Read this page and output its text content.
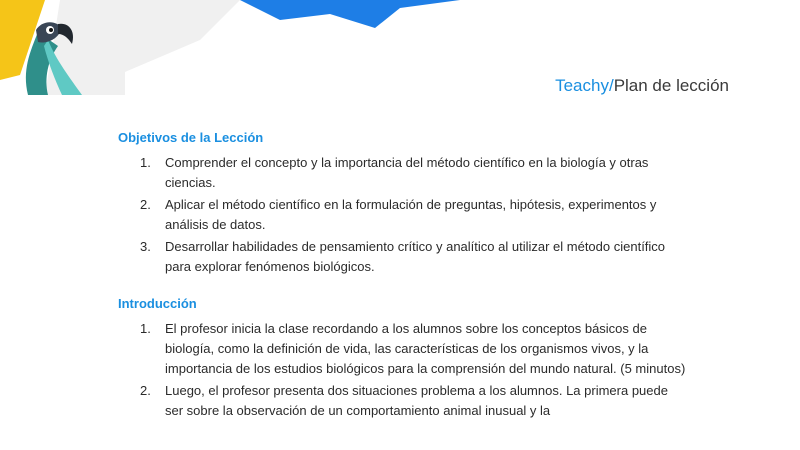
Teachy/Plan de lección
Objetivos de la Lección
1. Comprender el concepto y la importancia del método científico en la biología y otras ciencias.
2. Aplicar el método científico en la formulación de preguntas, hipótesis, experimentos y análisis de datos.
3. Desarrollar habilidades de pensamiento crítico y analítico al utilizar el método científico para explorar fenómenos biológicos.
Introducción
1. El profesor inicia la clase recordando a los alumnos sobre los conceptos básicos de biología, como la definición de vida, las características de los organismos vivos, y la importancia de los estudios biológicos para la comprensión del mundo natural. (5 minutos)
2. Luego, el profesor presenta dos situaciones problema a los alumnos. La primera puede ser sobre la observación de un comportamiento animal inusual y la
